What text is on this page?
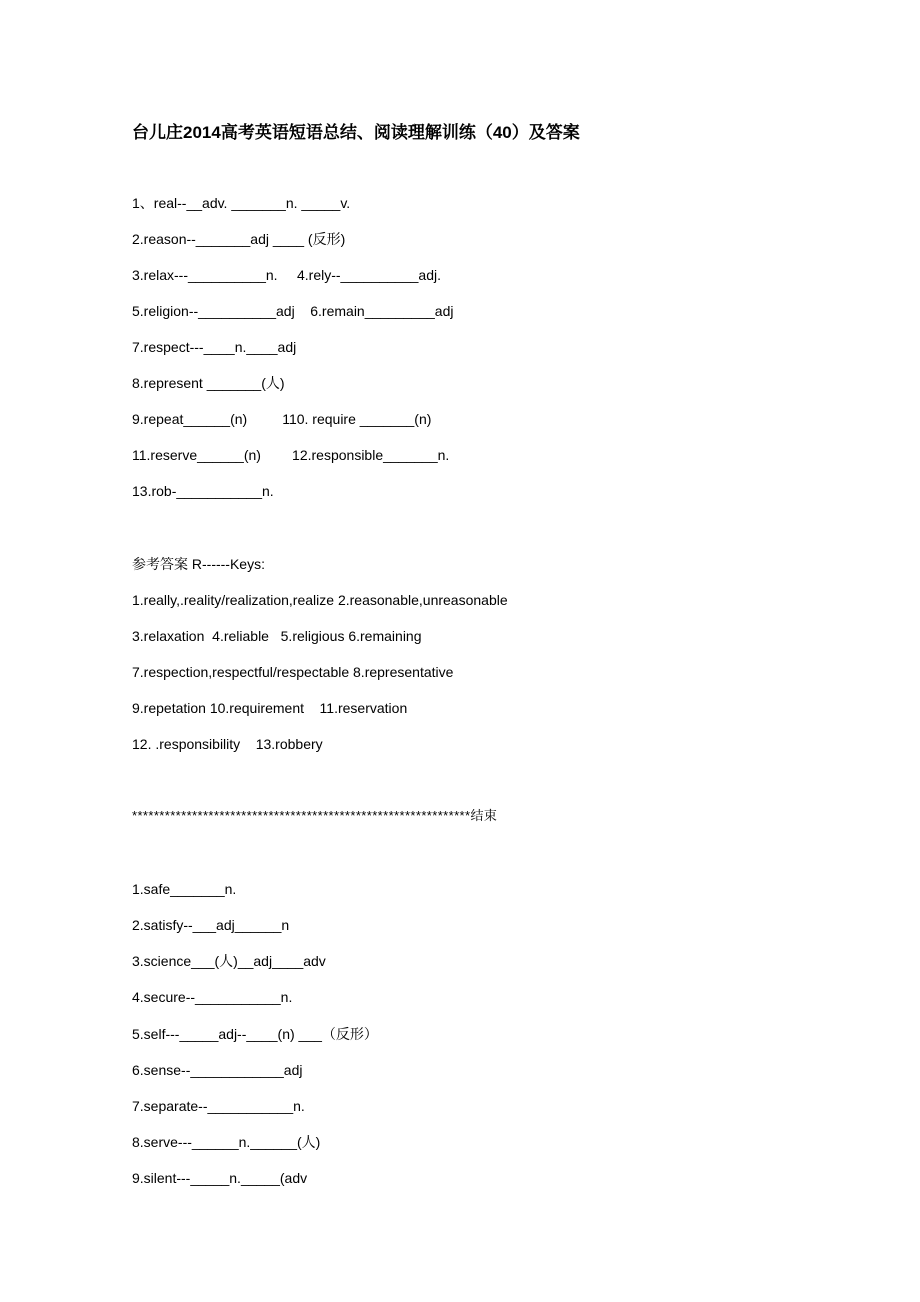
台儿庄2014高考英语短语总结、阅读理解训练（40）及答案
1、real--__adv. _______n. _____v.
2.reason--_______adj ____ (反形)
3.relax---__________n.     4.rely--__________adj.
5.religion--__________adj    6.remain_________adj
7.respect---____n.____adj
8.represent _______(人)
9.repeat______(n)         110. require _______(n)
11.reserve______(n)        12.responsible_______n.
13.rob-___________n.
参考答案 R------Keys:
1.really,.reality/realization,realize 2.reasonable,unreasonable
3.relaxation  4.reliable   5.religious 6.remaining
7.respection,respectful/respectable 8.representative
9.repetation 10.requirement    11.reservation
12. .responsibility    13.robbery
**************************************************************结束
1.safe_______n.
2.satisfy--___adj______n
3.science___(人)__adj____adv
4.secure--___________n.
5.self---_____adj--____(n) ___（反形）
6.sense--____________adj
7.separate--___________n.
8.serve---______n.______(人)
9.silent---_____n._____(adv
